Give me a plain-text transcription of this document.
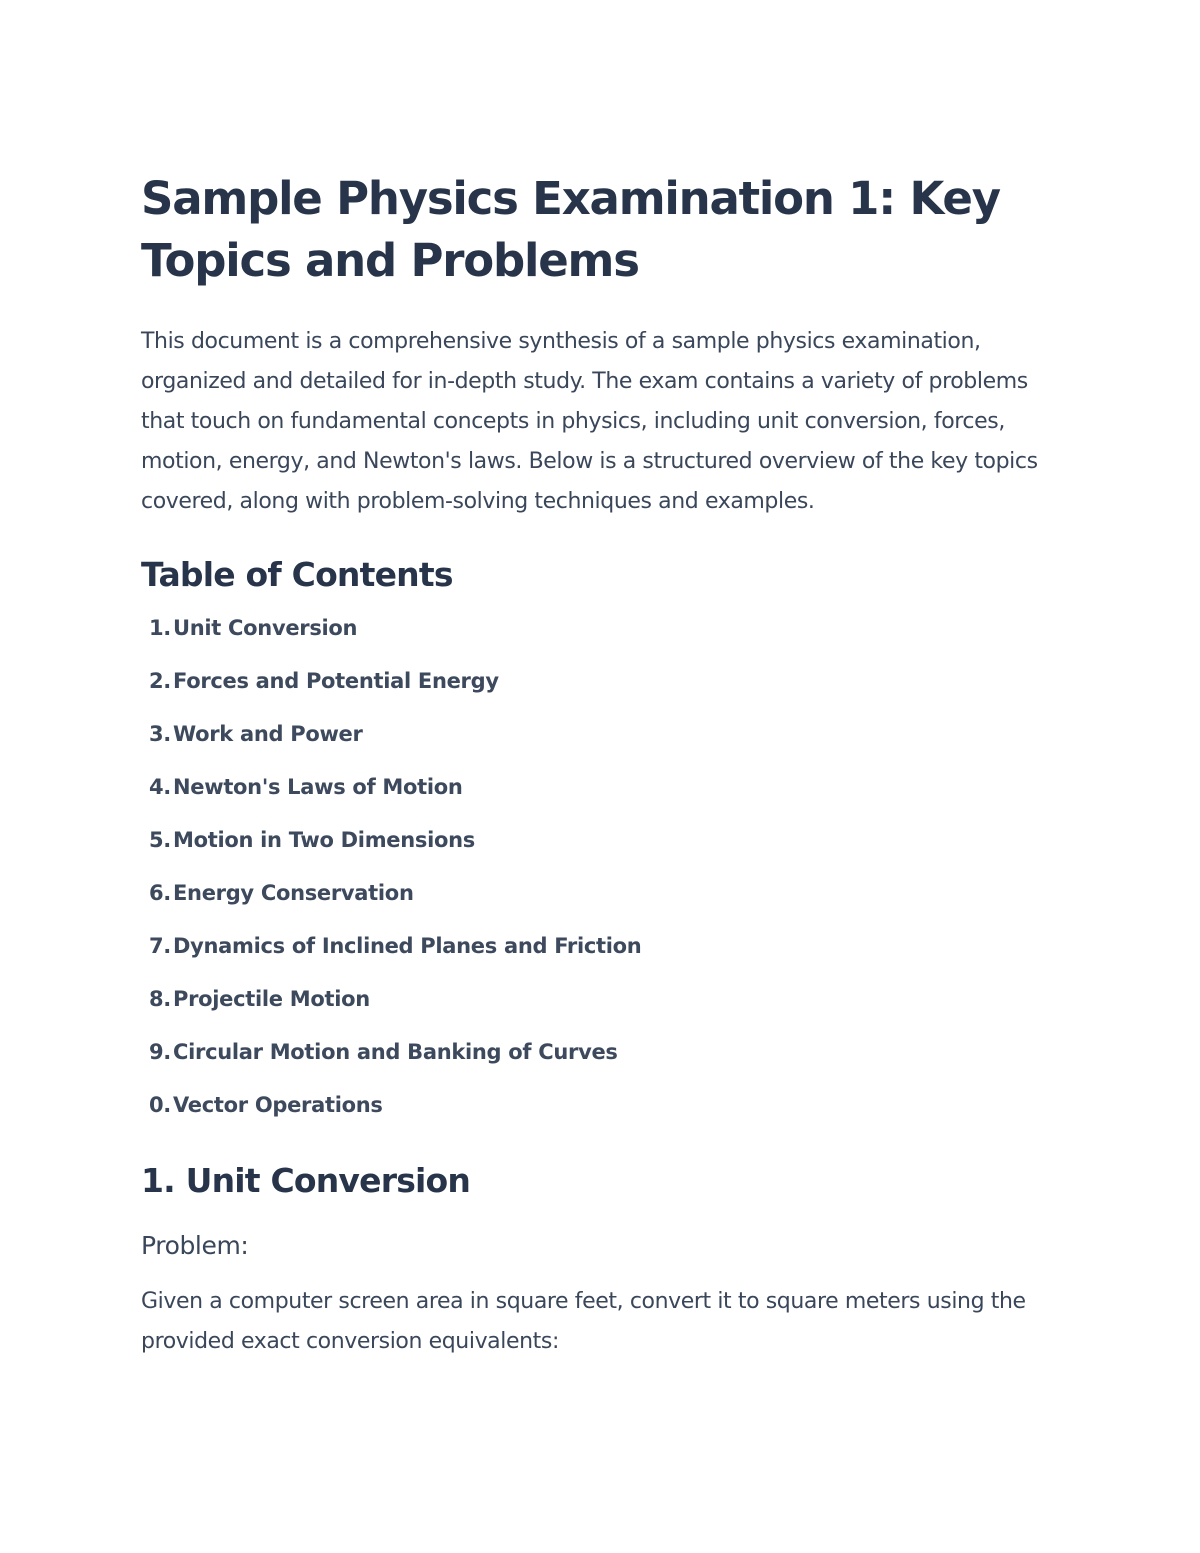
Sample Physics Examination 1: Key Topics and Problems

This document is a comprehensive synthesis of a sample physics examination, organized and detailed for in-depth study. The exam contains a variety of problems that touch on fundamental concepts in physics, including unit conversion, forces, motion, energy, and Newton's laws. Below is a structured overview of the key topics covered, along with problem-solving techniques and examples.

Table of Contents
1. Unit Conversion
2. Forces and Potential Energy
3. Work and Power
4. Newton's Laws of Motion
5. Motion in Two Dimensions
6. Energy Conservation
7. Dynamics of Inclined Planes and Friction
8. Projectile Motion
9. Circular Motion and Banking of Curves
0. Vector Operations
1. Unit Conversion
Problem:

Given a computer screen area in square feet, convert it to square meters using the provided exact conversion equivalents:
